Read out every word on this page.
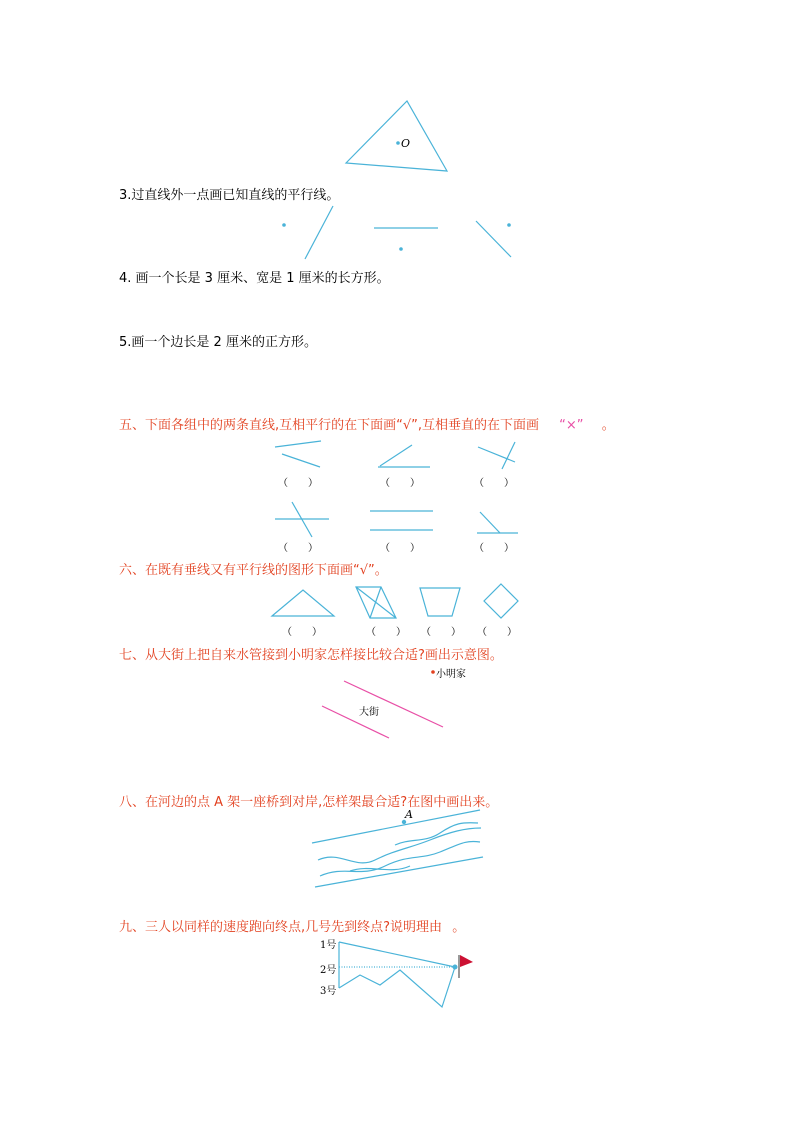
O
3.过直线外一点画已知直线的平行线。
4. 画一个长是 3 厘米、宽是 1 厘米的长方形。
5.画一个边长是 2 厘米的正方形。
五、下面各组中的两条直线,互相平行的在下面画“√”,互相垂直的在下面画 “×” 。
（　　）	（　　）	（　　）
（　　）	（　　）	（　　）
六、在既有垂线又有平行线的图形下面画“√”。
（　　）	（　　） （　　） （　　）
七、从大街上把自来水管接到小明家怎样接比较合适?画出示意图。
小明家
大街
八、在河边的点 A 架一座桥到对岸,怎样架最合适?在图中画出来。
A
九、三人以同样的速度跑向终点,几号先到终点?说明理由 。
1号
2号
3号
